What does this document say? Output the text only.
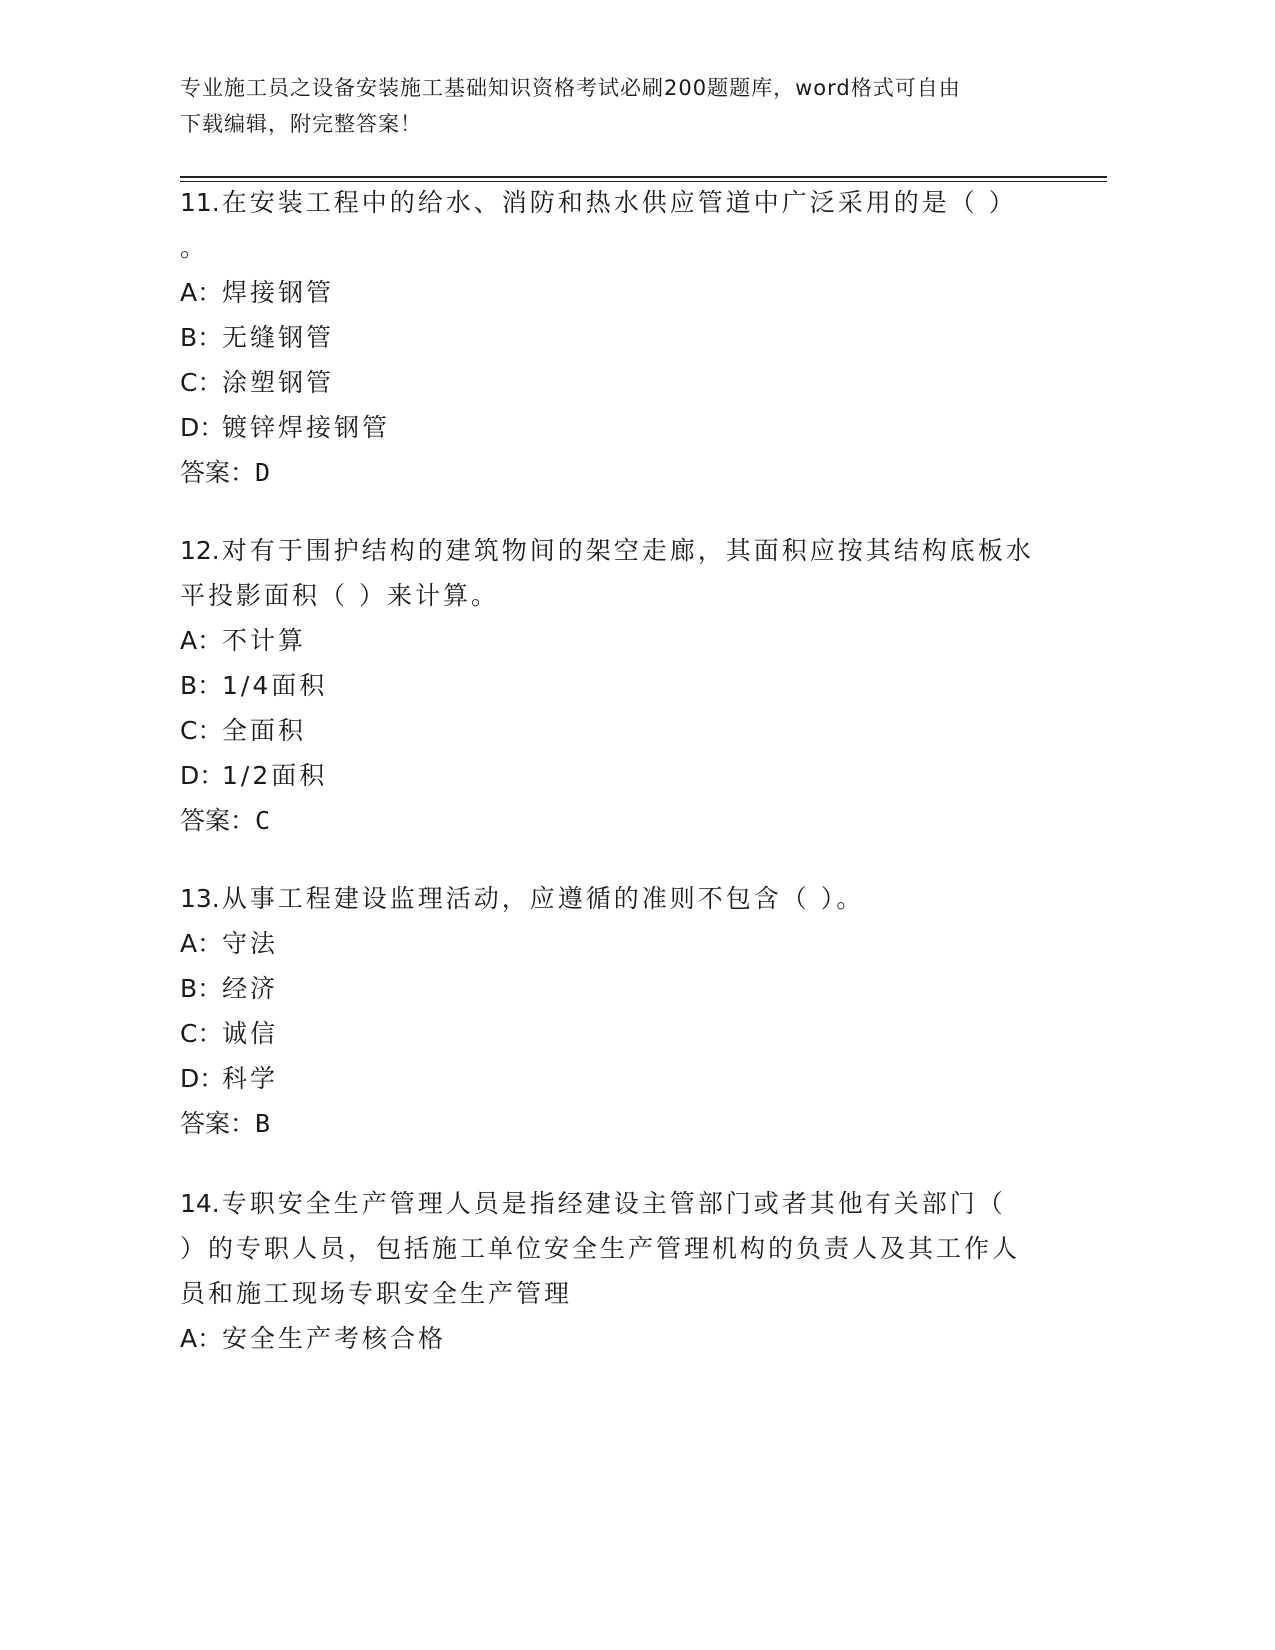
专业施工员之设备安装施工基础知识资格考试必刷200题题库，word格式可自由
下载编辑，附完整答案！
11.在安装工程中的给水、消防和热水供应管道中广泛采用的是（ ）
。
A：焊接钢管
B：无缝钢管
C：涂塑钢管
D：镀锌焊接钢管
答案：D
12.对有于围护结构的建筑物间的架空走廊，其面积应按其结构底板水
平投影面积（ ）来计算。
A：不计算
B：1/4面积
C：全面积
D：1/2面积
答案：C
13.从事工程建设监理活动，应遵循的准则不包含（ ）。
A：守法
B：经济
C：诚信
D：科学
答案：B
14.专职安全生产管理人员是指经建设主管部门或者其他有关部门（
）的专职人员，包括施工单位安全生产管理机构的负责人及其工作人
员和施工现场专职安全生产管理
A：安全生产考核合格
